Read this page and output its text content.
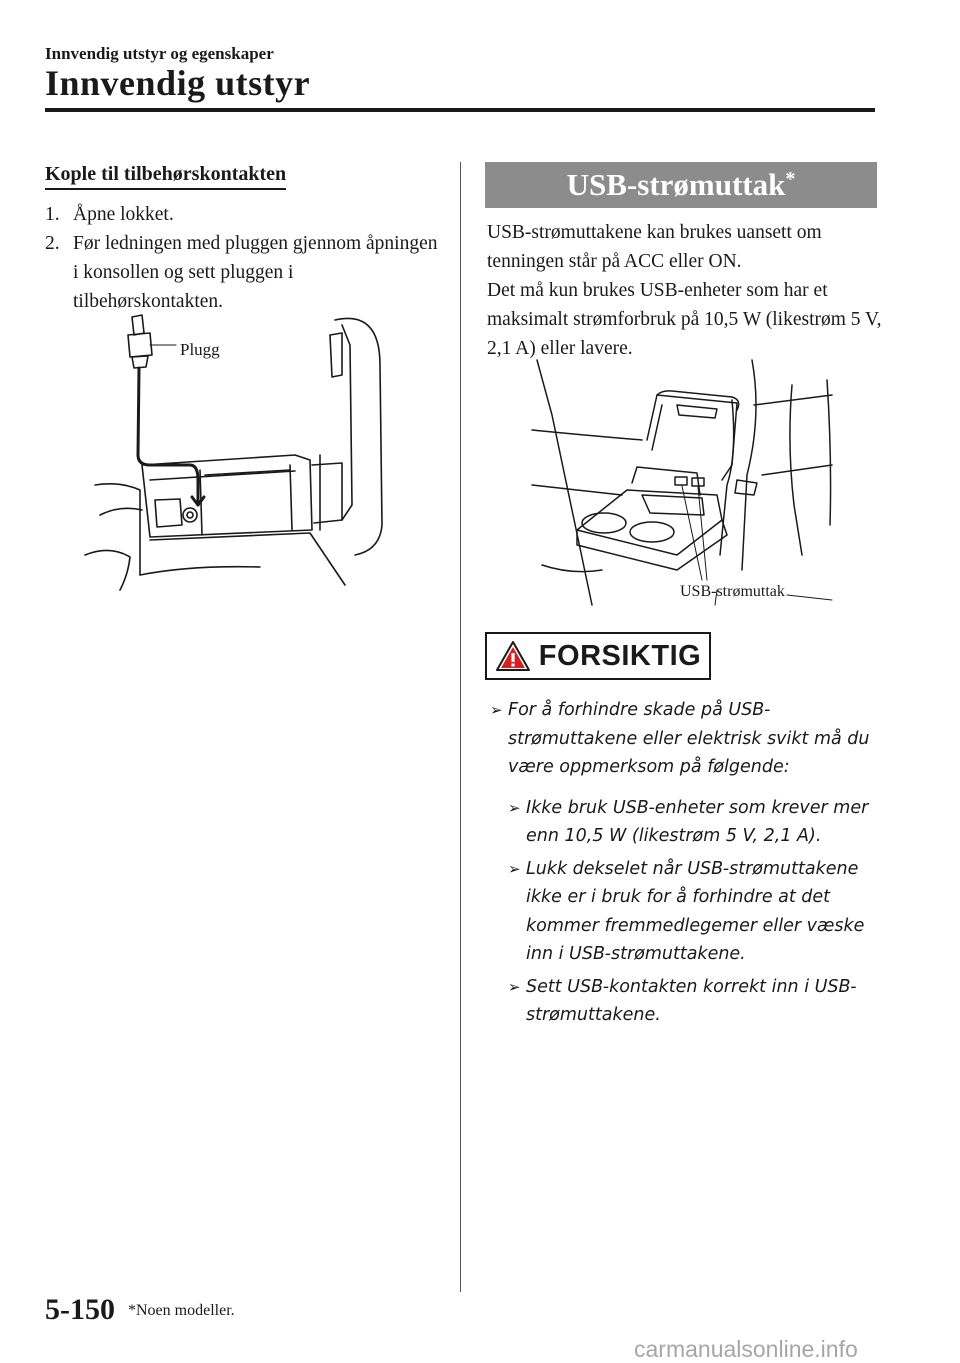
Innvendig utstyr og egenskaper
Innvendig utstyr
Kople til tilbehørskontakten
1. Åpne lokket.
2. Før ledningen med pluggen gjennom åpningen i konsollen og sett pluggen i tilbehørskontakten.
Plugg
USB-strømuttak*
USB-strømuttakene kan brukes uansett om tenningen står på ACC eller ON.
Det må kun brukes USB-enheter som har et maksimalt strømforbruk på 10,5 W (likestrøm 5 V, 2,1 A) eller lavere.
USB-strømuttak
FORSIKTIG
➢ For å forhindre skade på USB-strømuttakene eller elektrisk svikt må du være oppmerksom på følgende:
➢ Ikke bruk USB-enheter som krever mer enn 10,5 W (likestrøm 5 V, 2,1 A).
➢ Lukk dekselet når USB-strømuttakene ikke er i bruk for å forhindre at det kommer fremmedlegemer eller væske inn i USB-strømuttakene.
➢ Sett USB-kontakten korrekt inn i USB-strømuttakene.
5-150 *Noen modeller.
carmanualsonline.info
